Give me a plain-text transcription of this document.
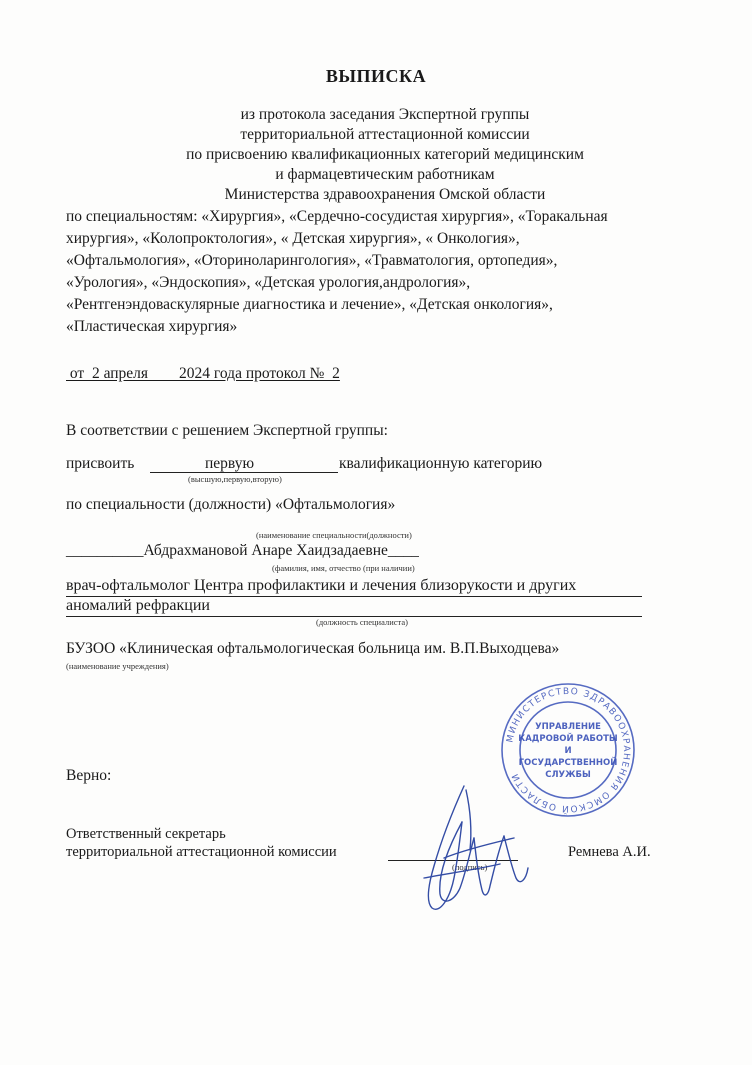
ВЫПИСКА
из протокола заседания Экспертной группы
территориальной аттестационной комиссии
по присвоению квалификационных категорий медицинским
и фармацевтическим работникам
Министерства здравоохранения Омской области
по специальностям: «Хирургия», «Сердечно-сосудистая хирургия», «Торакальная
хирургия», «Колопроктология», « Детская хирургия», « Онкология»,
«Офтальмология», «Оториноларингология», «Травматология, ортопедия»,
«Урология», «Эндоскопия», «Детская урология,андрология»,
«Рентгенэндоваскулярные диагностика и лечение», «Детская онкология»,
«Пластическая хирургия»
от  2 апреля        2024 года протокол №  2
В соответствии с решением Экспертной группы:
присвоить	первую	квалификационную категорию
(высшую,первую,вторую)
по специальности (должности) «Офтальмология»
(наименование специальности(должности)
__________Абдрахмановой Анаре Хаидзадаевне____
(фамилия, имя, отчество (при наличии)
врач-офтальмолог Центра профилактики и лечения близорукости и других
аномалий рефракции
(должность специалиста)
БУЗОО «Клиническая офтальмологическая больница им. В.П.Выходцева»
(наименование учреждения)
МИНИСТЕРСТВО ЗДРАВООХРАНЕНИЯ ОМСКОЙ ОБЛАСТИ
УПРАВЛЕНИЕ
КАДРОВОЙ РАБОТЫ
И
ГОСУДАРСТВЕННОЙ
СЛУЖБЫ
Верно:
Ответственный секретарь
территориальной аттестационной комиссии
(подпись)
Ремнева А.И.
